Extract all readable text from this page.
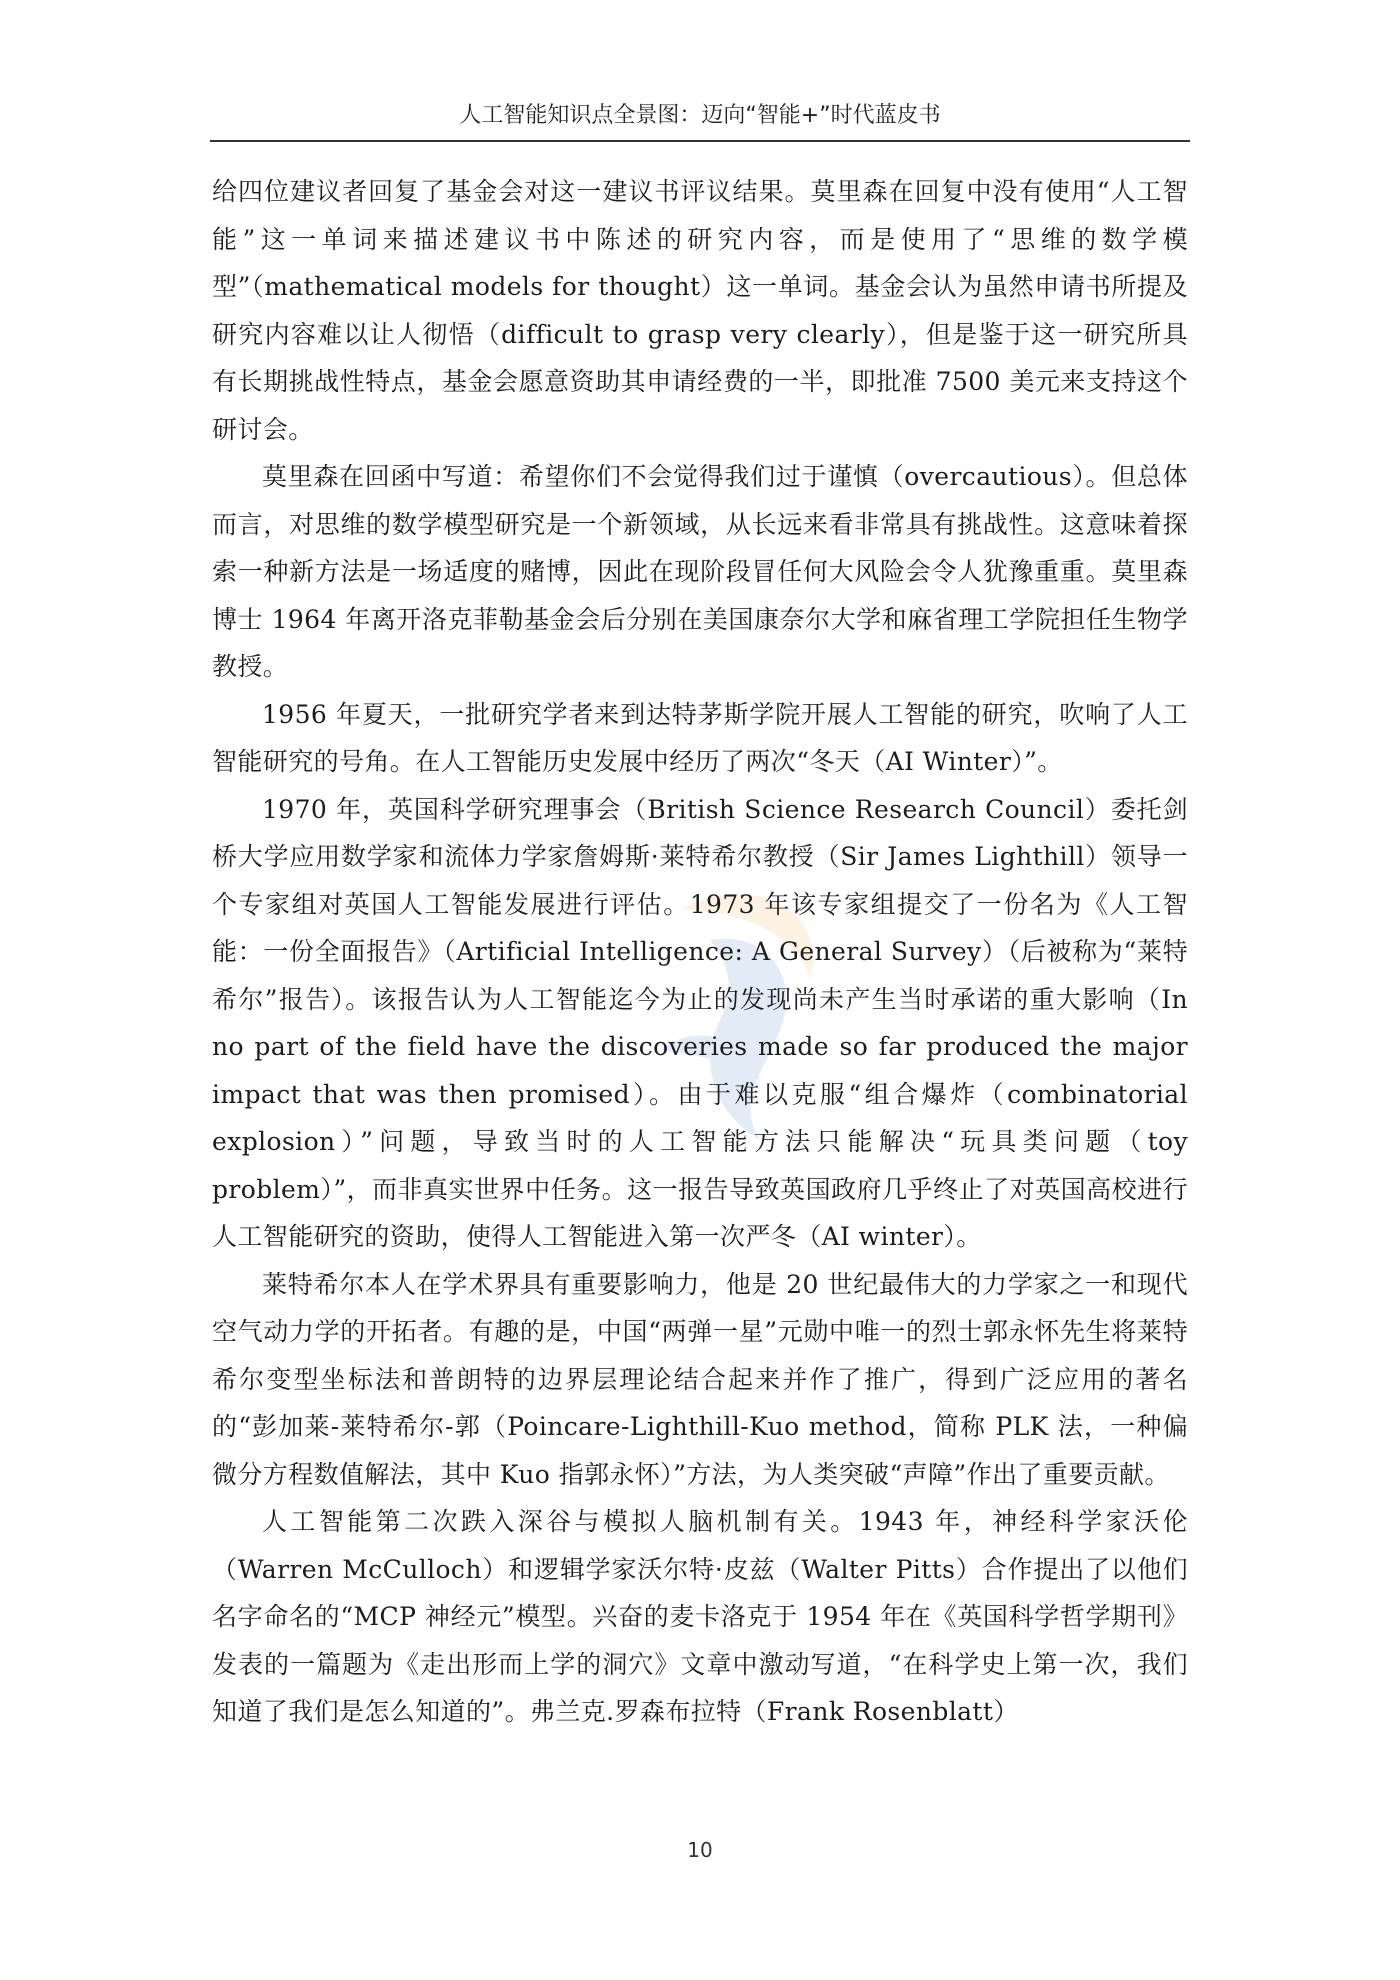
人工智能知识点全景图：迈向“智能+”时代蓝皮书

给四位建议者回复了基金会对这一建议书评议结果。莫里森在回复中没有使用“人工智能”这一单词来描述建议书中陈述的研究内容，而是使用了“思维的数学模型”（mathematical models for thought）这一单词。基金会认为虽然申请书所提及研究内容难以让人彻悟（difficult to grasp very clearly），但是鉴于这一研究所具有长期挑战性特点，基金会愿意资助其申请经费的一半，即批准 7500 美元来支持这个研讨会。

莫里森在回函中写道：希望你们不会觉得我们过于谨慎（overcautious）。但总体而言，对思维的数学模型研究是一个新领域，从长远来看非常具有挑战性。这意味着探索一种新方法是一场适度的赌博，因此在现阶段冒任何大风险会令人犹豫重重。莫里森博士 1964 年离开洛克菲勒基金会后分别在美国康奈尔大学和麻省理工学院担任生物学教授。

1956 年夏天，一批研究学者来到达特茅斯学院开展人工智能的研究，吹响了人工智能研究的号角。在人工智能历史发展中经历了两次“冬天（AI Winter）”。

1970 年，英国科学研究理事会（British Science Research Council）委托剑桥大学应用数学家和流体力学家詹姆斯·莱特希尔教授（Sir James Lighthill）领导一个专家组对英国人工智能发展进行评估。1973 年该专家组提交了一份名为《人工智能：一份全面报告》（Artificial Intelligence: A General Survey）（后被称为“莱特希尔”报告）。该报告认为人工智能迄今为止的发现尚未产生当时承诺的重大影响（In no part of the field have the discoveries made so far produced the major impact that was then promised）。由于难以克服“组合爆炸（combinatorial explosion）”问题，导致当时的人工智能方法只能解决“玩具类问题（toy problem）”，而非真实世界中任务。这一报告导致英国政府几乎终止了对英国高校进行人工智能研究的资助，使得人工智能进入第一次严冬（AI winter）。

莱特希尔本人在学术界具有重要影响力，他是 20 世纪最伟大的力学家之一和现代空气动力学的开拓者。有趣的是，中国“两弹一星”元勋中唯一的烈士郭永怀先生将莱特希尔变型坐标法和普朗特的边界层理论结合起来并作了推广，得到广泛应用的著名的“彭加莱-莱特希尔-郭（Poincare-Lighthill-Kuo method，简称 PLK 法，一种偏微分方程数值解法，其中 Kuo 指郭永怀）”方法，为人类突破“声障”作出了重要贡献。

人工智能第二次跌入深谷与模拟人脑机制有关。1943 年，神经科学家沃伦（Warren McCulloch）和逻辑学家沃尔特·皮兹（Walter Pitts）合作提出了以他们名字命名的“MCP 神经元”模型。兴奋的麦卡洛克于 1954 年在《英国科学哲学期刊》发表的一篇题为《走出形而上学的洞穴》文章中激动写道，“在科学史上第一次，我们知道了我们是怎么知道的”。弗兰克.罗森布拉特（Frank Rosenblatt）

10
